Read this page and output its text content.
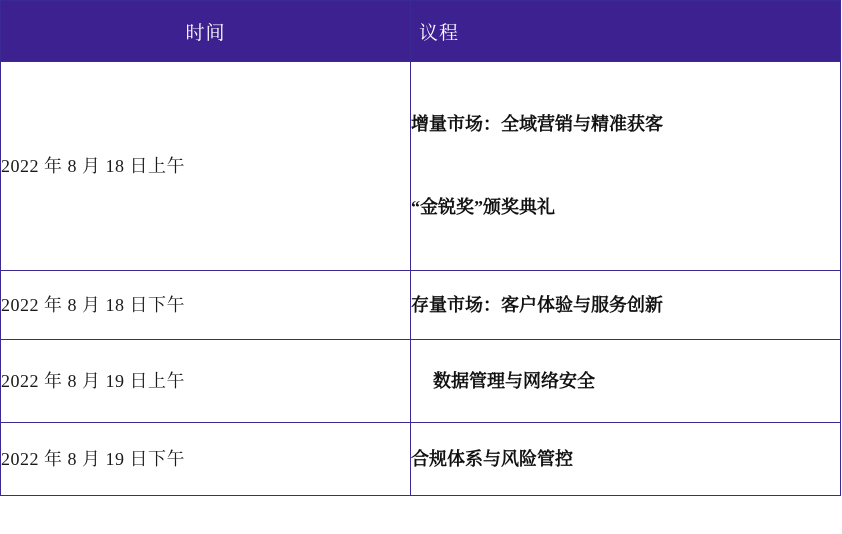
时间	议程

2022 年 8 月 18 日上午	增量市场：全域营销与精准获客
“金锐奖”颁奖典礼

2022 年 8 月 18 日下午	存量市场：客户体验与服务创新

2022 年 8 月 19 日上午	数据管理与网络安全

2022 年 8 月 19 日下午	合规体系与风险管控
